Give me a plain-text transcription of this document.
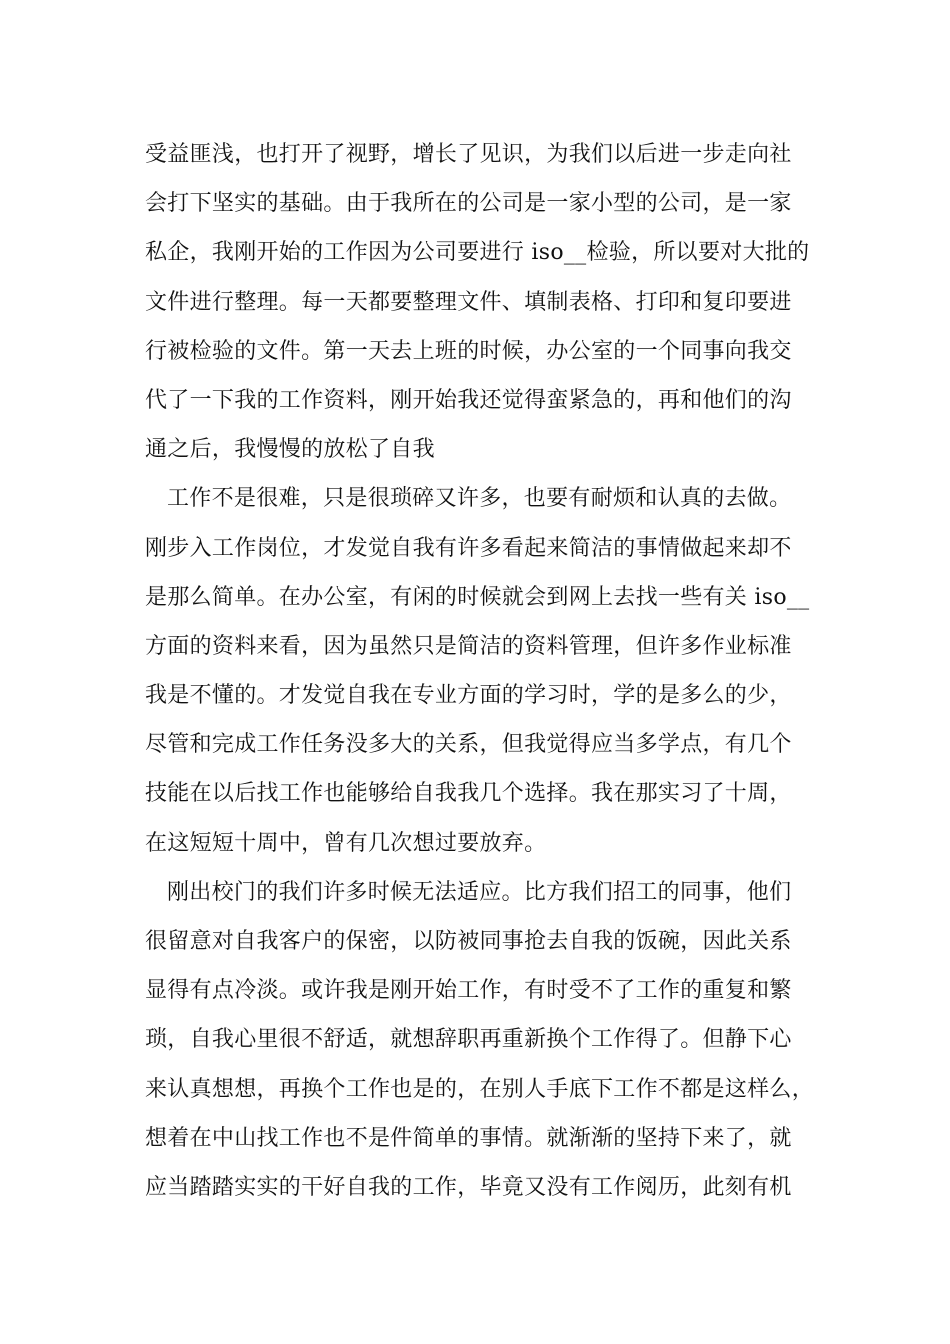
受益匪浅，也打开了视野，增长了见识，为我们以后进一步走向社
会打下坚实的基础。由于我所在的公司是一家小型的公司，是一家
私企，我刚开始的工作因为公司要进行 iso__检验，所以要对大批的
文件进行整理。每一天都要整理文件、填制表格、打印和复印要进
行被检验的文件。第一天去上班的时候，办公室的一个同事向我交
代了一下我的工作资料，刚开始我还觉得蛮紧急的，再和他们的沟
通之后，我慢慢的放松了自我
工作不是很难，只是很琐碎又许多，也要有耐烦和认真的去做。
刚步入工作岗位，才发觉自我有许多看起来简洁的事情做起来却不
是那么简单。在办公室，有闲的时候就会到网上去找一些有关 iso__
方面的资料来看，因为虽然只是简洁的资料管理，但许多作业标准
我是不懂的。才发觉自我在专业方面的学习时，学的是多么的少，
尽管和完成工作任务没多大的关系，但我觉得应当多学点，有几个
技能在以后找工作也能够给自我我几个选择。我在那实习了十周，
在这短短十周中，曾有几次想过要放弃。
刚出校门的我们许多时候无法适应。比方我们招工的同事，他们
很留意对自我客户的保密，以防被同事抢去自我的饭碗，因此关系
显得有点冷淡。或许我是刚开始工作，有时受不了工作的重复和繁
琐，自我心里很不舒适，就想辞职再重新换个工作得了。但静下心
来认真想想，再换个工作也是的，在别人手底下工作不都是这样么，
想着在中山找工作也不是件简单的事情。就渐渐的坚持下来了，就
应当踏踏实实的干好自我的工作，毕竟又没有工作阅历，此刻有机
